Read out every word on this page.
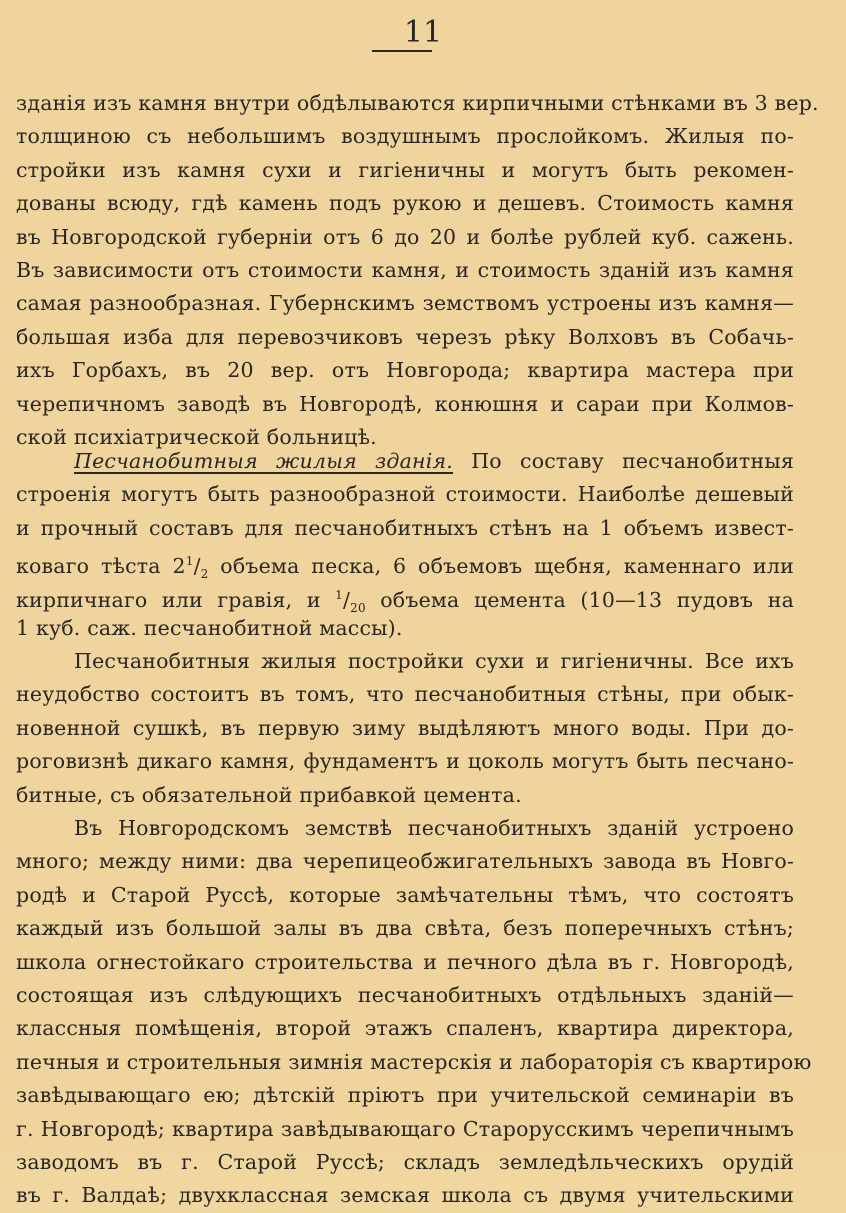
11
зданія изъ камня внутри обдѣлываются кирпичными стѣнками въ 3 вер.
толщиною съ небольшимъ воздушнымъ прослойкомъ. Жилыя по-
стройки изъ камня сухи и гигіеничны и могутъ быть рекомен-
дованы всюду, гдѣ камень подъ рукою и дешевъ. Стоимость камня
въ Новгородской губерніи отъ 6 до 20 и болѣе рублей куб. сажень.
Въ зависимости отъ стоимости камня, и стоимость зданій изъ камня
самая разнообразная. Губернскимъ земствомъ устроены изъ камня—
большая изба для перевозчиковъ черезъ рѣку Волховъ въ Собачь-
ихъ Горбахъ, въ 20 вер. отъ Новгорода; квартира мастера при
черепичномъ заводѣ въ Новгородѣ, конюшня и сараи при Колмов-
ской психіатрической больницѣ.
Песчанобитныя жилыя зданія. По составу песчанобитныя
строенія могутъ быть разнообразной стоимости. Наиболѣе дешевый
и прочный составъ для песчанобитныхъ стѣнъ на 1 объемъ извест-
коваго тѣста $2^1/_2$ объема песка, 6 объемовъ щебня, каменнаго или
кирпичнаго или гравія, и $^1/_{20}$ объема цемента (10—13 пудовъ на
1 куб. саж. песчанобитной массы).
Песчанобитныя жилыя постройки сухи и гигіеничны. Все ихъ
неудобство состоитъ въ томъ, что песчанобитныя стѣны, при обык-
новенной сушкѣ, въ первую зиму выдѣляютъ много воды. При до-
роговизнѣ дикаго камня, фундаментъ и цоколь могутъ быть песчано-
битные, съ обязательной прибавкой цемента.
Въ Новгородскомъ земствѣ песчанобитныхъ зданій устроено
много; между ними: два черепицеобжигательныхъ завода въ Новго-
родѣ и Старой Руссѣ, которые замѣчательны тѣмъ, что состоятъ
каждый изъ большой залы въ два свѣта, безъ поперечныхъ стѣнъ;
школа огнестойкаго строительства и печного дѣла въ г. Новгородѣ,
состоящая изъ слѣдующихъ песчанобитныхъ отдѣльныхъ зданій—
классныя помѣщенія, второй этажъ спаленъ, квартира директора,
печныя и строительныя зимнія мастерскія и лабораторія съ квартирою
завѣдывающаго ею; дѣтскій пріютъ при учительской семинаріи въ
г. Новгородѣ; квартира завѣдывающаго Старорусскимъ черепичнымъ
заводомъ въ г. Старой Руссѣ; складъ земледѣльческихъ орудій
въ г. Валдаѣ; двухклассная земская школа съ двумя учительскими
